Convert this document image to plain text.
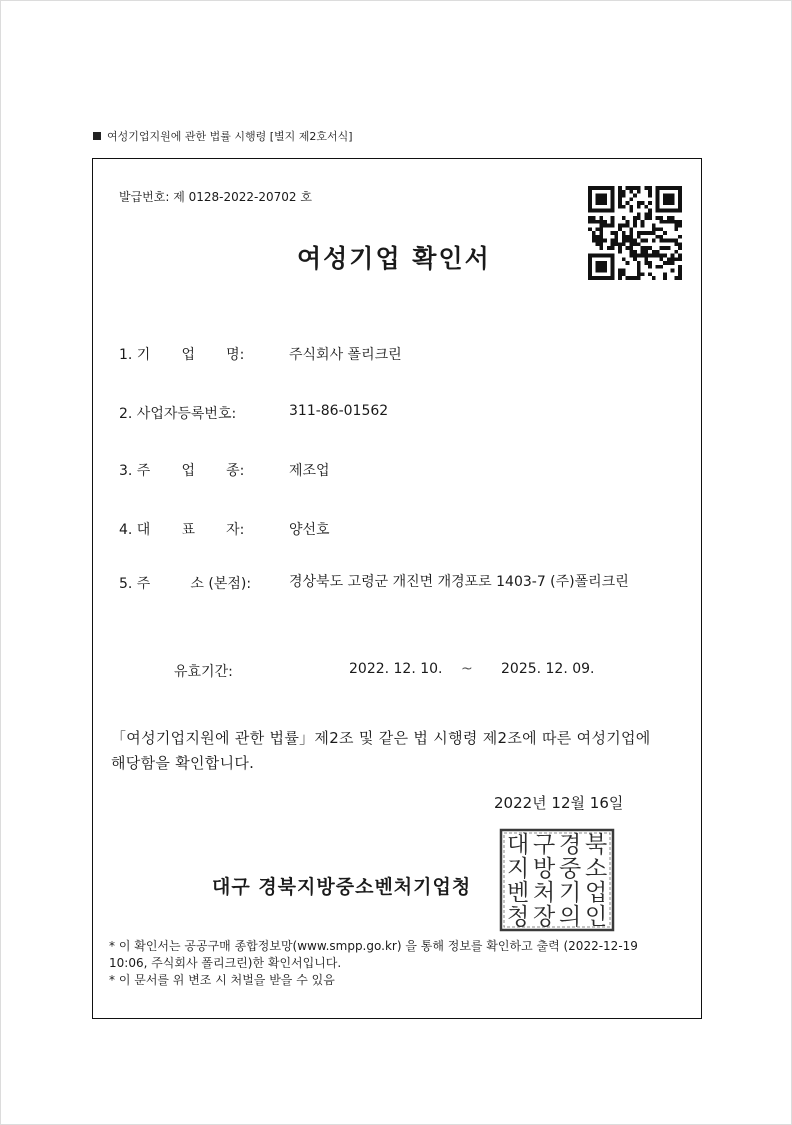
여성기업지원에 관한 법률 시행령 [별지 제2호서식]
발급번호: 제 0128-2022-20702 호
여성기업 확인서
1. 기       업       명:	주식회사 폴리크린
2. 사업자등록번호:	311-86-01562
3. 주       업       종:	제조업
4. 대       표       자:	양선호
5. 주         소 (본점):	경상북도 고령군 개진면 개경포로 1403-7 (주)폴리크린
유효기간:	2022. 12. 10. ~ 2025. 12. 09.
「여성기업지원에 관한 법률」제2조 및 같은 법 시행령 제2조에 따른 여성기업에 해당함을 확인합니다.
2022년 12월 16일
대구 경북지방중소벤처기업청
대 구 경 북
지 방 중 소
벤 처 기 업
청 장 의 인
* 이 확인서는 공공구매 종합정보망(www.smpp.go.kr) 을 통해 정보를 확인하고 출력 (2022-12-19 10:06, 주식회사 폴리크린)한 확인서입니다.
* 이 문서를 위 변조 시 처벌을 받을 수 있음
